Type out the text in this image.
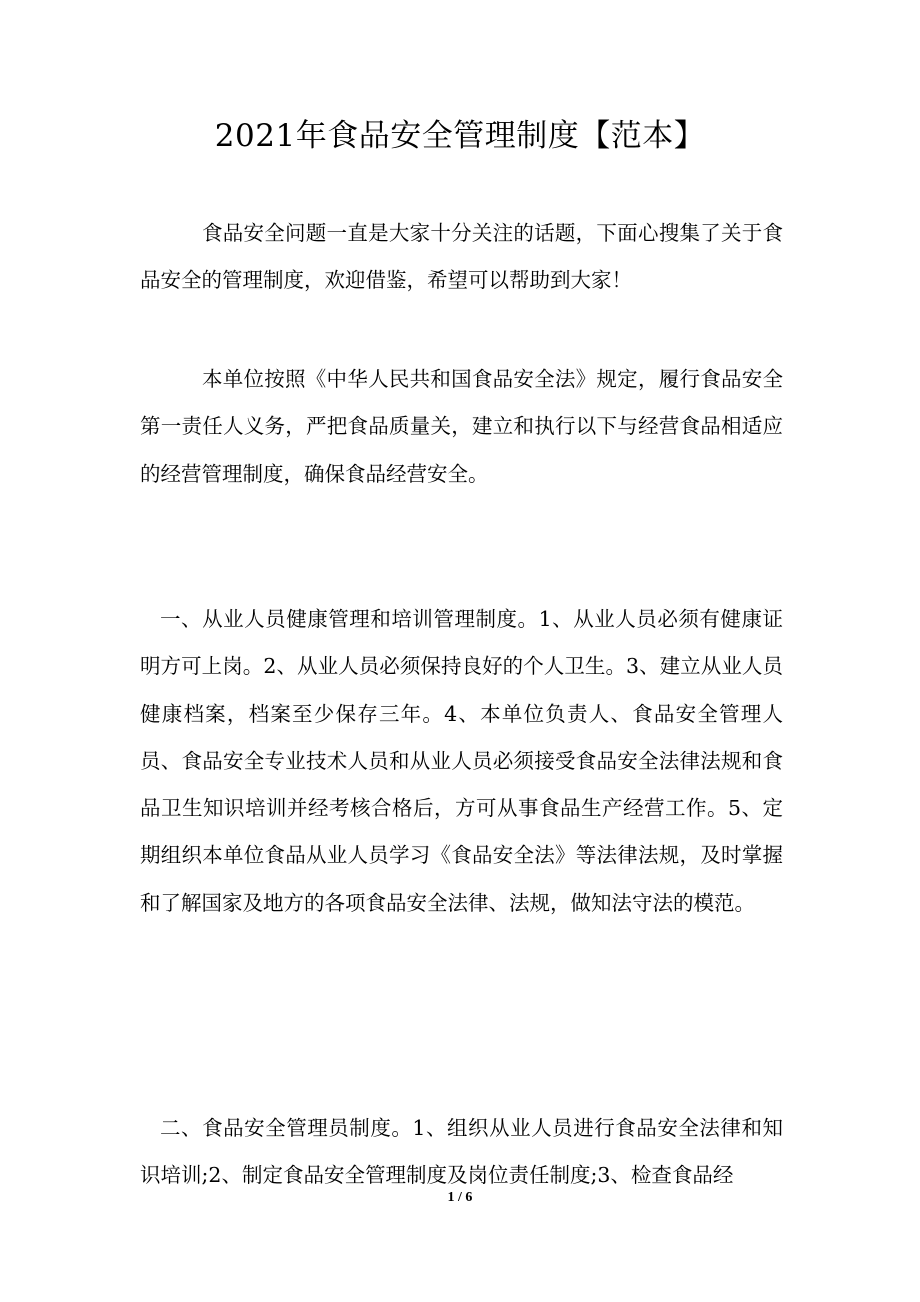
2021年食品安全管理制度【范本】

食品安全问题一直是大家十分关注的话题，下面心搜集了关于食品安全的管理制度，欢迎借鉴，希望可以帮助到大家！

本单位按照《中华人民共和国食品安全法》规定，履行食品安全第一责任人义务，严把食品质量关，建立和执行以下与经营食品相适应的经营管理制度，确保食品经营安全。

一、从业人员健康管理和培训管理制度。1、从业人员必须有健康证明方可上岗。2、从业人员必须保持良好的个人卫生。3、建立从业人员健康档案，档案至少保存三年。4、本单位负责人、食品安全管理人员、食品安全专业技术人员和从业人员必须接受食品安全法律法规和食品卫生知识培训并经考核合格后，方可从事食品生产经营工作。5、定期组织本单位食品从业人员学习《食品安全法》等法律法规，及时掌握和了解国家及地方的各项食品安全法律、法规，做知法守法的模范。

二、食品安全管理员制度。1、组织从业人员进行食品安全法律和知识培训;2、制定食品安全管理制度及岗位责任制度;3、检查食品经

1 / 6
